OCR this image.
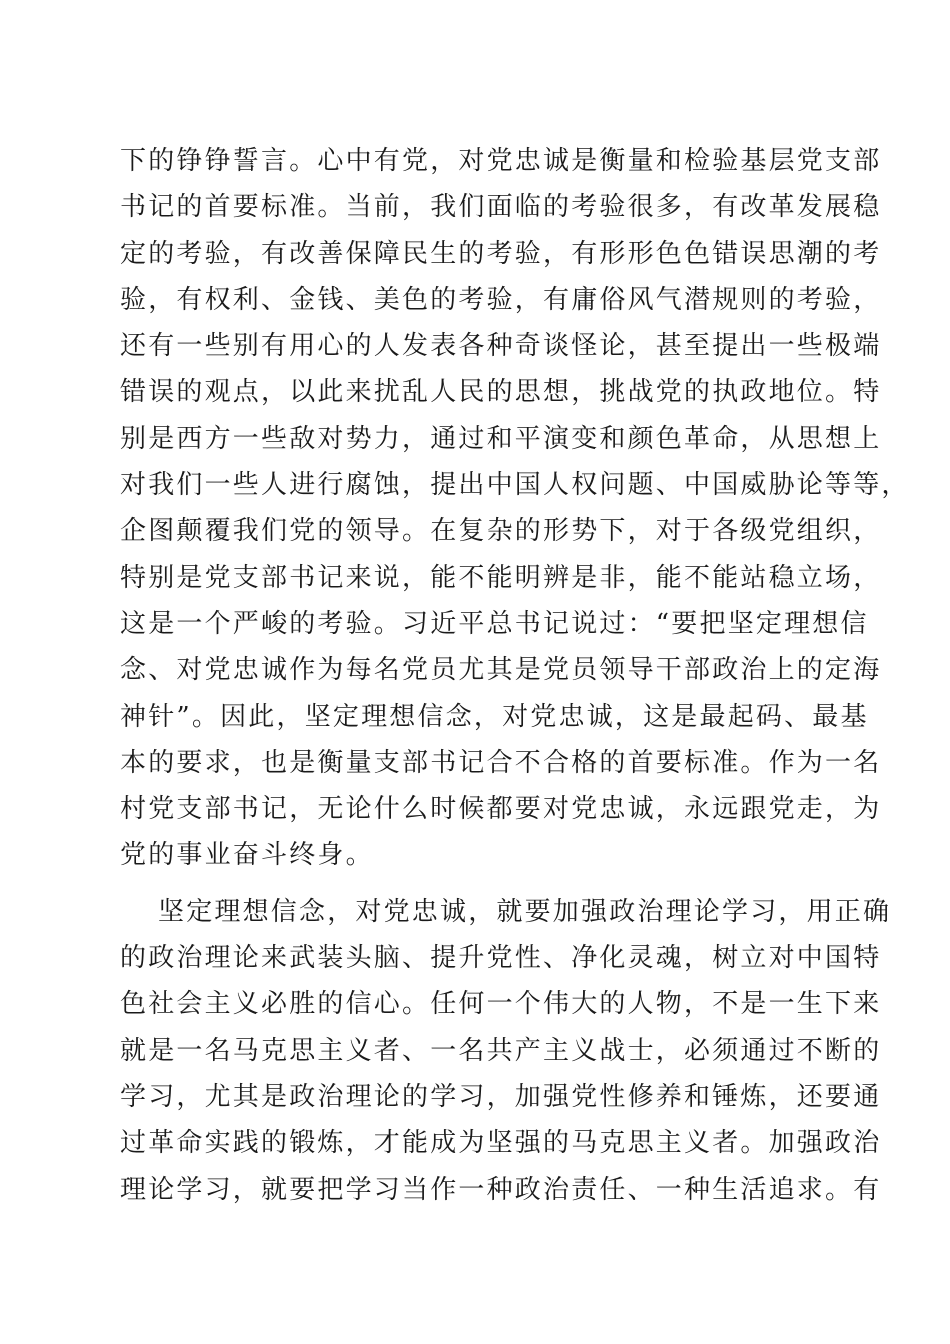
下的铮铮誓言。心中有党，对党忠诚是衡量和检验基层党支部
书记的首要标准。当前，我们面临的考验很多，有改革发展稳
定的考验，有改善保障民生的考验，有形形色色错误思潮的考
验，有权利、金钱、美色的考验，有庸俗风气潜规则的考验，
还有一些别有用心的人发表各种奇谈怪论，甚至提出一些极端
错误的观点，以此来扰乱人民的思想，挑战党的执政地位。特
别是西方一些敌对势力，通过和平演变和颜色革命，从思想上
对我们一些人进行腐蚀，提出中国人权问题、中国威胁论等等，
企图颠覆我们党的领导。在复杂的形势下，对于各级党组织，
特别是党支部书记来说，能不能明辨是非，能不能站稳立场，
这是一个严峻的考验。习近平总书记说过：“要把坚定理想信
念、对党忠诚作为每名党员尤其是党员领导干部政治上的定海
神针”。因此，坚定理想信念，对党忠诚，这是最起码、最基
本的要求，也是衡量支部书记合不合格的首要标准。作为一名
村党支部书记，无论什么时候都要对党忠诚，永远跟党走，为
党的事业奋斗终身。
坚定理想信念，对党忠诚，就要加强政治理论学习，用正确
的政治理论来武装头脑、提升党性、净化灵魂，树立对中国特
色社会主义必胜的信心。任何一个伟大的人物，不是一生下来
就是一名马克思主义者、一名共产主义战士，必须通过不断的
学习，尤其是政治理论的学习，加强党性修养和锤炼，还要通
过革命实践的锻炼，才能成为坚强的马克思主义者。加强政治
理论学习，就要把学习当作一种政治责任、一种生活追求。有
